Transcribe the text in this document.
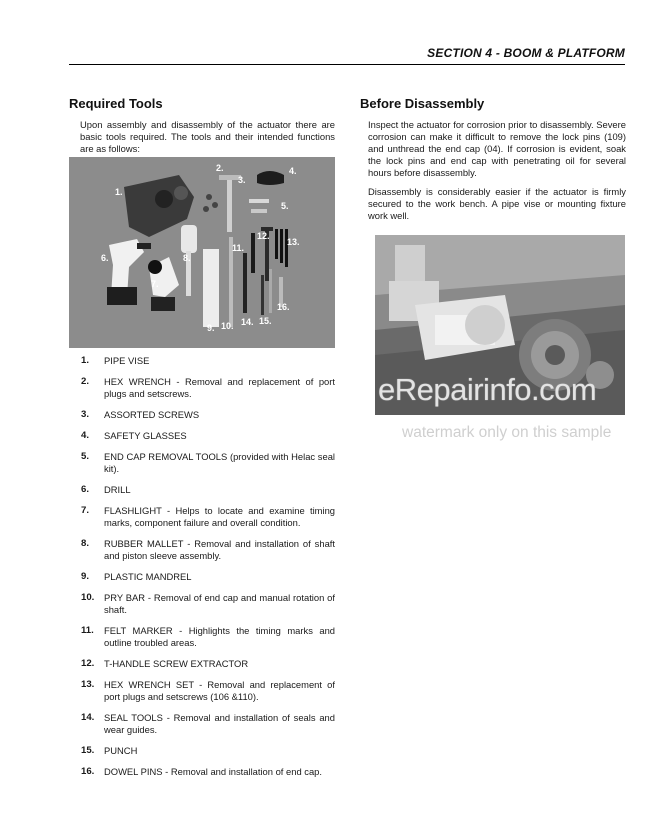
SECTION 4 - BOOM & PLATFORM
Required Tools

Upon assembly and disassembly of the actuator there are basic tools required. The tools and their intended functions are as follows:

1.
2.
3.
4.
5.
6.
7.
8.
9. 10.
11.
12.
13.
14. 15.
16.
1. PIPE VISE
2. HEX WRENCH - Removal and replacement of port plugs and setscrews.
3. ASSORTED SCREWS
4. SAFETY GLASSES
5. END CAP REMOVAL TOOLS (provided with Helac seal kit).
6. DRILL
7. FLASHLIGHT - Helps to locate and examine timing marks, component failure and overall condition.
8. RUBBER MALLET - Removal and installation of shaft and piston sleeve assembly.
9. PLASTIC MANDREL
10. PRY BAR - Removal of end cap and manual rotation of shaft.
11. FELT MARKER - Highlights the timing marks and outline troubled areas.
12. T-HANDLE SCREW EXTRACTOR
13. HEX WRENCH SET - Removal and replacement of port plugs and setscrews (106 &110).
14. SEAL TOOLS - Removal and installation of seals and wear guides.
15. PUNCH
16. DOWEL PINS - Removal and installation of end cap.
Before Disassembly

Inspect the actuator for corrosion prior to disassembly. Severe corrosion can make it difficult to remove the lock pins (109) and unthread the end cap (04). If corrosion is evident, soak the lock pins and end cap with penetrating oil for several hours before disassembly.

Disassembly is considerably easier if the actuator is firmly secured to the work bench. A pipe vise or mounting fixture work well.

eRepairinfo.com
watermark only on this sample
